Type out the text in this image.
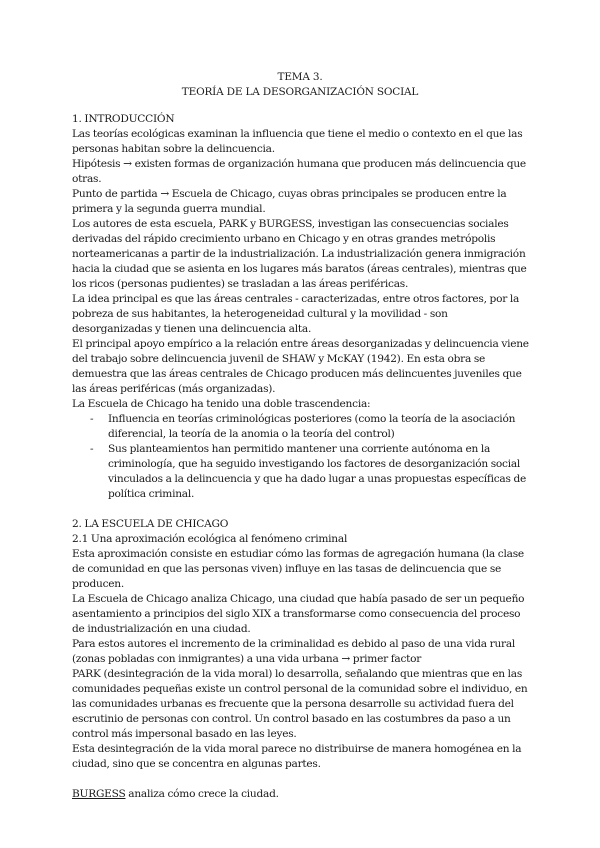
TEMA 3.
TEORÍA DE LA DESORGANIZACIÓN SOCIAL

1. INTRODUCCIÓN

Las teorías ecológicas examinan la influencia que tiene el medio o contexto en el que las personas habitan sobre la delincuencia.

Hipótesis → existen formas de organización humana que producen más delincuencia que otras.

Punto de partida → Escuela de Chicago, cuyas obras principales se producen entre la primera y la segunda guerra mundial.

Los autores de esta escuela, PARK y BURGESS, investigan las consecuencias sociales derivadas del rápido crecimiento urbano en Chicago y en otras grandes metrópolis norteamericanas a partir de la industrialización. La industrialización genera inmigración hacia la ciudad que se asienta en los lugares más baratos (áreas centrales), mientras que los ricos (personas pudientes) se trasladan a las áreas periféricas.

La idea principal es que las áreas centrales - caracterizadas, entre otros factores, por la pobreza de sus habitantes, la heterogeneidad cultural y la movilidad - son desorganizadas y tienen una delincuencia alta.

El principal apoyo empírico a la relación entre áreas desorganizadas y delincuencia viene del trabajo sobre delincuencia juvenil de SHAW y McKAY (1942). En esta obra se demuestra que las áreas centrales de Chicago producen más delincuentes juveniles que las áreas periféricas (más organizadas).

La Escuela de Chicago ha tenido una doble trascendencia:

- Influencia en teorías criminológicas posteriores (como la teoría de la asociación diferencial, la teoría de la anomia o la teoría del control)
- Sus planteamientos han permitido mantener una corriente autónoma en la criminología, que ha seguido investigando los factores de desorganización social vinculados a la delincuencia y que ha dado lugar a unas propuestas específicas de política criminal.

2. LA ESCUELA DE CHICAGO

2.1 Una aproximación ecológica al fenómeno criminal

Esta aproximación consiste en estudiar cómo las formas de agregación humana (la clase de comunidad en que las personas viven) influye en las tasas de delincuencia que se producen.

La Escuela de Chicago analiza Chicago, una ciudad que había pasado de ser un pequeño asentamiento a principios del siglo XIX a transformarse como consecuencia del proceso de industrialización en una ciudad.

Para estos autores el incremento de la criminalidad es debido al paso de una vida rural (zonas pobladas con inmigrantes) a una vida urbana → primer factor

PARK (desintegración de la vida moral) lo desarrolla, señalando que mientras que en las comunidades pequeñas existe un control personal de la comunidad sobre el individuo, en las comunidades urbanas es frecuente que la persona desarrolle su actividad fuera del escrutinio de personas con control. Un control basado en las costumbres da paso a un control más impersonal basado en las leyes.

Esta desintegración de la vida moral parece no distribuirse de manera homogénea en la ciudad, sino que se concentra en algunas partes.

BURGESS analiza cómo crece la ciudad.
